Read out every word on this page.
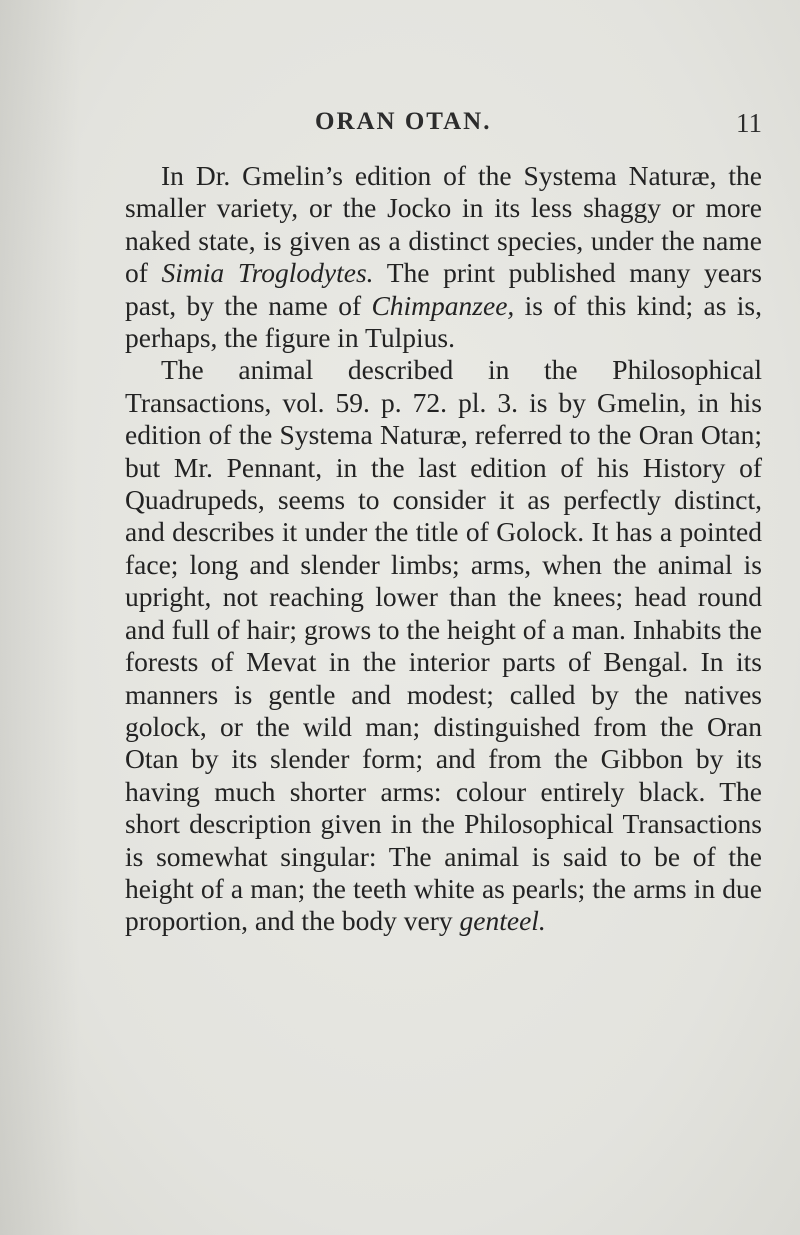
ORAN OTAN.	11

In Dr. Gmelin’s edition of the Systema Naturæ, the smaller variety, or the Jocko in its less shaggy or more naked state, is given as a distinct species, under the name of Simia Troglodytes. The print published many years past, by the name of Chimpanzee, is of this kind; as is, perhaps, the figure in Tulpius.

The animal described in the Philosophical Transactions, vol. 59. p. 72. pl. 3. is by Gmelin, in his edition of the Systema Naturæ, referred to the Oran Otan; but Mr. Pennant, in the last edition of his History of Quadrupeds, seems to consider it as perfectly distinct, and describes it under the title of Golock. It has a pointed face; long and slender limbs; arms, when the animal is upright, not reaching lower than the knees; head round and full of hair; grows to the height of a man. Inhabits the forests of Mevat in the interior parts of Bengal. In its manners is gentle and modest; called by the natives golock, or the wild man; distinguished from the Oran Otan by its slender form; and from the Gibbon by its having much shorter arms: colour entirely black. The short description given in the Philosophical Transactions is somewhat singular: The animal is said to be of the height of a man; the teeth white as pearls; the arms in due proportion, and the body very genteel.
